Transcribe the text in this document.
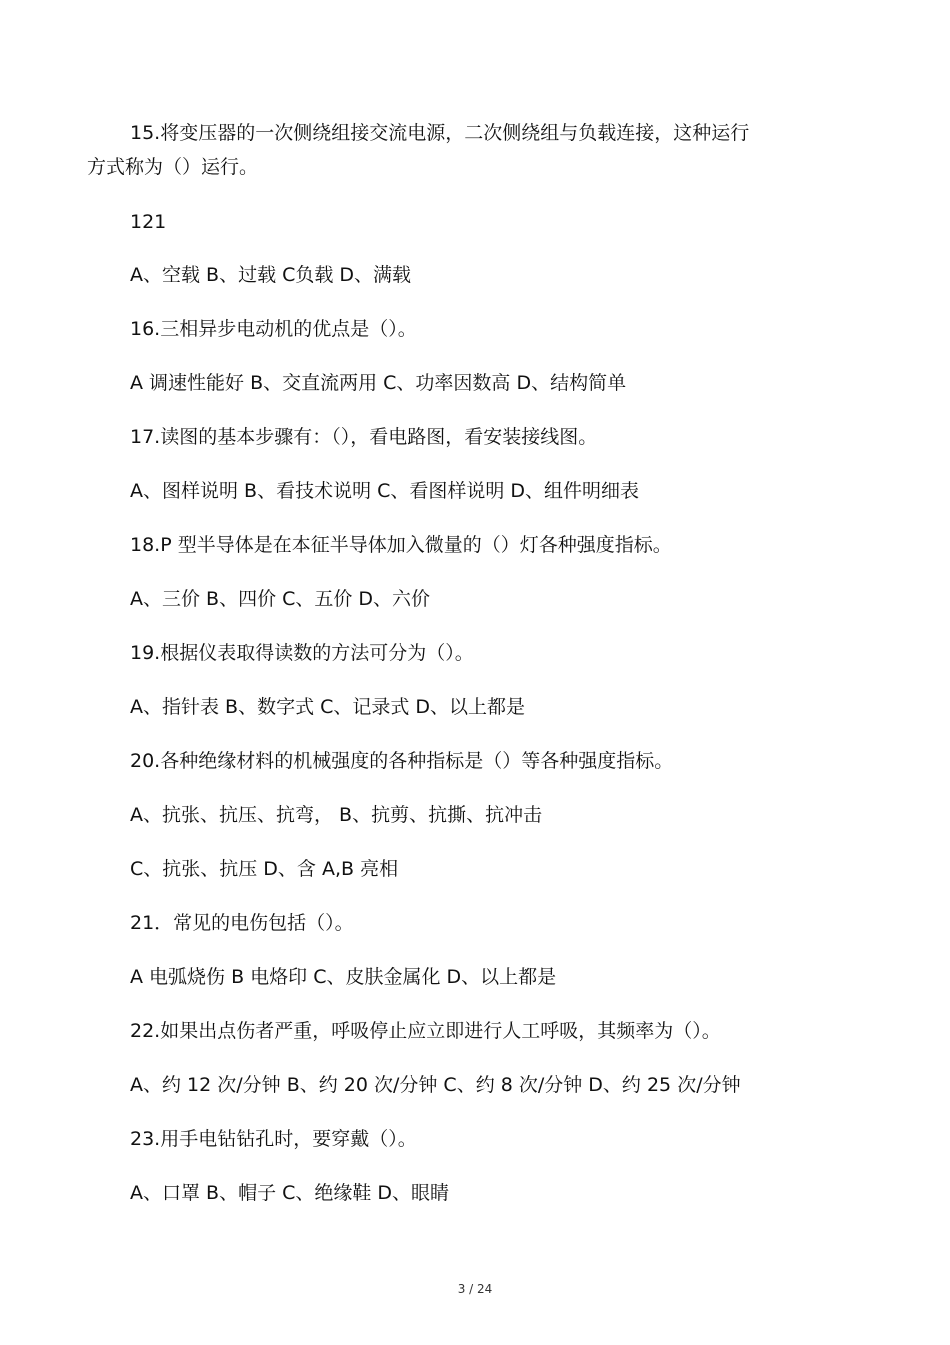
15.将变压器的一次侧绕组接交流电源，二次侧绕组与负载连接，这种运行
方式称为（）运行。
121
A、空载 B、过载 C负载 D、满载
16.三相异步电动机的优点是（）。
A 调速性能好 B、交直流两用 C、功率因数高 D、结构简单
17.读图的基本步骤有：（），看电路图，看安装接线图。
A、图样说明 B、看技术说明 C、看图样说明 D、组件明细表
18.P 型半导体是在本征半导体加入微量的（）灯各种强度指标。
A、三价 B、四价 C、五价 D、六价
19.根据仪表取得读数的方法可分为（）。
A、指针表 B、数字式 C、记录式 D、以上都是
20.各种绝缘材料的机械强度的各种指标是（）等各种强度指标。
A、抗张、抗压、抗弯， B、抗剪、抗撕、抗冲击
C、抗张、抗压 D、含 A,B 亮相
21．常见的电伤包括（）。
A 电弧烧伤 B 电烙印 C、皮肤金属化 D、以上都是
22.如果出点伤者严重，呼吸停止应立即进行人工呼吸，其频率为（）。
A、约 12 次/分钟 B、约 20 次/分钟 C、约 8 次/分钟 D、约 25 次/分钟
23.用手电钻钻孔时，要穿戴（）。
A、口罩 B、帽子 C、绝缘鞋 D、眼睛
3 / 24
